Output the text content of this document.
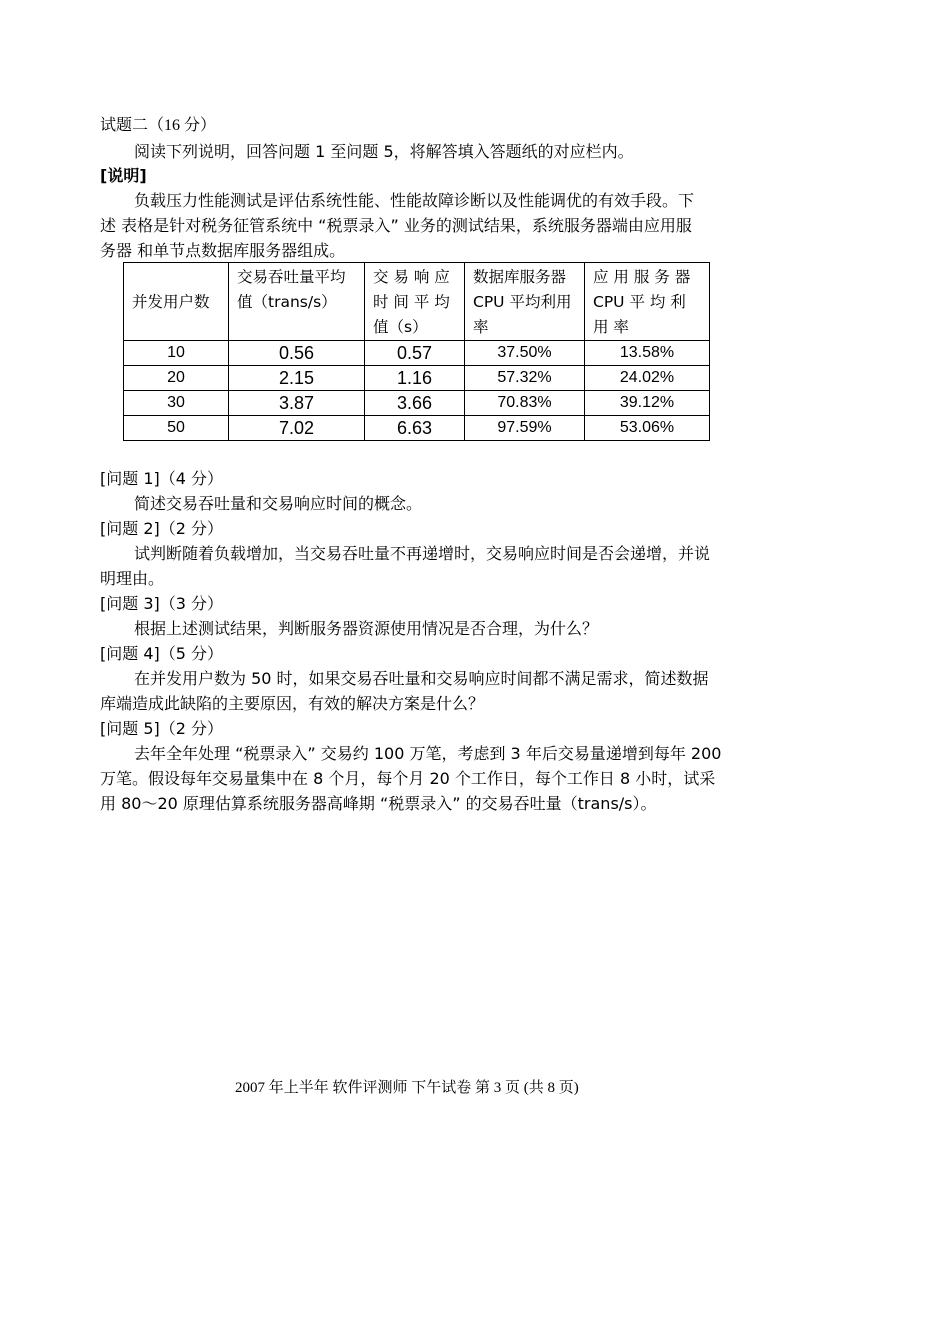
试题二（16 分）
阅读下列说明，回答问题 1 至问题 5，将解答填入答题纸的对应栏内。
[说明]
负载压力性能测试是评估系统性能、性能故障诊断以及性能调优的有效手段。下
述 表格是针对税务征管系统中 “税票录入” 业务的测试结果，系统服务器端由应用服
务器 和单节点数据库服务器组成。
并发用户数	交易吞吐量平均值（trans/s）	交 易 响 应 时 间 平 均 值（s）	数据库服务器 CPU 平均利用 率	应 用 服 务 器 CPU 平 均 利 用 率
10	0.56	0.57	37.50%	13.58%
20	2.15	1.16	57.32%	24.02%
30	3.87	3.66	70.83%	39.12%
50	7.02	6.63	97.59%	53.06%
[问题 1]（4 分）
简述交易吞吐量和交易响应时间的概念。
[问题 2]（2 分）
试判断随着负载增加，当交易吞吐量不再递增时，交易响应时间是否会递增，并说
明理由。
[问题 3]（3 分）
根据上述测试结果，判断服务器资源使用情况是否合理，为什么？
[问题 4]（5 分）
在并发用户数为 50 时，如果交易吞吐量和交易响应时间都不满足需求，简述数据
库端造成此缺陷的主要原因，有效的解决方案是什么？
[问题 5]（2 分）
去年全年处理 “税票录入” 交易约 100 万笔，考虑到 3 年后交易量递增到每年 200
万笔。假设每年交易量集中在 8 个月，每个月 20 个工作日，每个工作日 8 小时，试采
用 80～20 原理估算系统服务器高峰期 “税票录入” 的交易吞吐量（trans/s）。
2007 年上半年 软件评测师 下午试卷 第 3 页 (共 8 页)
